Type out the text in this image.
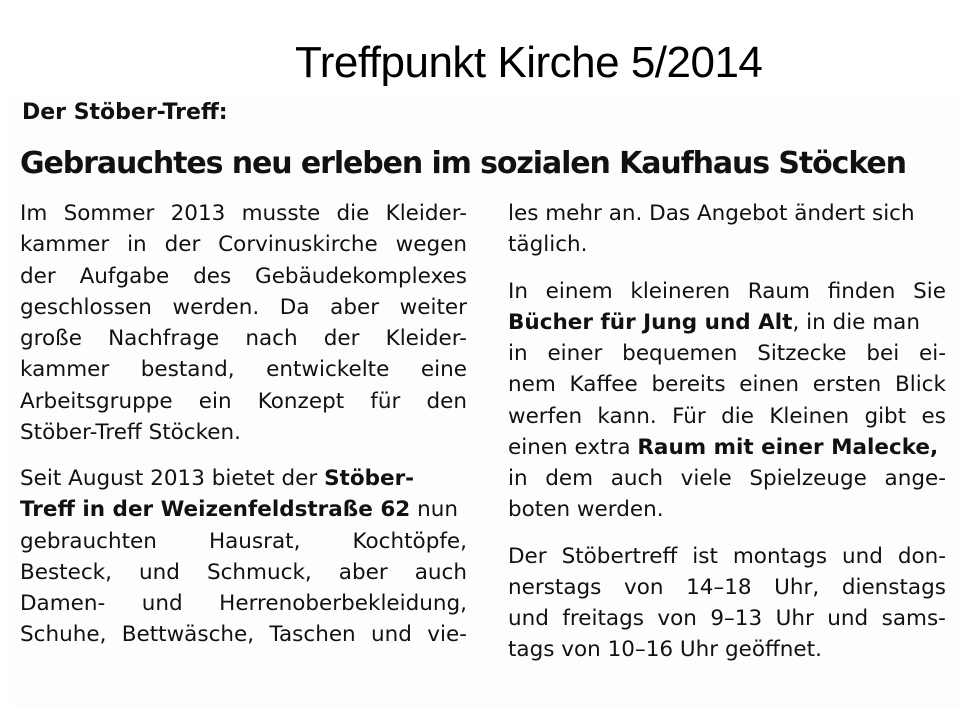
Treffpunkt Kirche 5/2014
Der Stöber-Treff:
Gebrauchtes neu erleben im sozialen Kaufhaus Stöcken
Im Sommer 2013 musste die Kleider-
kammer in der Corvinuskirche wegen
der Aufgabe des Gebäudekomplexes
geschlossen werden. Da aber weiter
große Nachfrage nach der Kleider-
kammer bestand, entwickelte eine
Arbeitsgruppe ein Konzept für den
Stöber-Treff Stöcken.
Seit August 2013 bietet der Stöber-
Treff in der Weizenfeldstraße 62 nun
gebrauchten Hausrat, Kochtöpfe,
Besteck, und Schmuck, aber auch
Damen- und Herrenoberbekleidung,
Schuhe, Bettwäsche, Taschen und vie-
les mehr an. Das Angebot ändert sich
täglich.
In einem kleineren Raum finden Sie
Bücher für Jung und Alt, in die man
in einer bequemen Sitzecke bei ei-
nem Kaffee bereits einen ersten Blick
werfen kann. Für die Kleinen gibt es
einen extra Raum mit einer Malecke,
in dem auch viele Spielzeuge ange-
boten werden.
Der Stöbertreff ist montags und don-
nerstags von 14–18 Uhr, dienstags
und freitags von 9–13 Uhr und sams-
tags von 10–16 Uhr geöffnet.
